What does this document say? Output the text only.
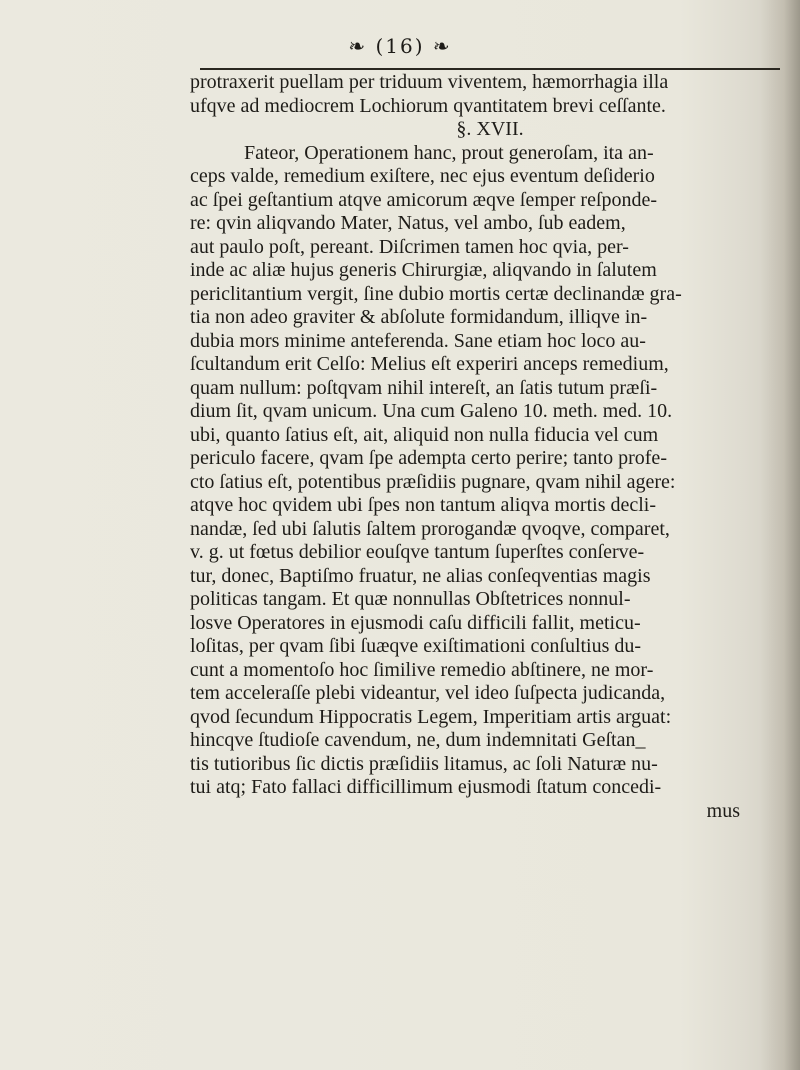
❧ (16) ❧
protraxerit puellam per triduum viventem, hæmorrhagia illa
ufqve ad mediocrem Lochiorum qvantitatem brevi ceſſante.
§. XVII.
Fateor, Operationem hanc, prout generoſam, ita an-
ceps valde, remedium exiſtere, nec ejus eventum deſiderio
ac ſpei geſtantium atqve amicorum æqve ſemper reſponde-
re: qvin aliqvando Mater, Natus, vel ambo, ſub eadem,
aut paulo poſt, pereant. Diſcrimen tamen hoc qvia, per-
inde ac aliæ hujus generis Chirurgiæ, aliqvando in ſalutem
periclitantium vergit, ſine dubio mortis certæ declinandæ gra-
tia non adeo graviter & abſolute formidandum, illiqve in-
dubia mors minime anteferenda. Sane etiam hoc loco au-
ſcultandum erit Celſo: Melius eſt experiri anceps remedium,
quam nullum: poſtqvam nihil intereſt, an ſatis tutum præſi-
dium ſit, qvam unicum. Una cum Galeno 10. meth. med. 10.
ubi, quanto ſatius eſt, ait, aliquid non nulla fiducia vel cum
periculo facere, qvam ſpe adempta certo perire; tanto profe-
cto ſatius eſt, potentibus præſidiis pugnare, qvam nihil agere:
atqve hoc qvidem ubi ſpes non tantum aliqva mortis decli-
nandæ, ſed ubi ſalutis ſaltem prorogandæ qvoqve, comparet,
v. g. ut fœtus debilior eouſqve tantum ſuperſtes conſerve-
tur, donec, Baptiſmo fruatur, ne alias conſeqventias magis
politicas tangam. Et quæ nonnullas Obſtetrices nonnul-
losve Operatores in ejusmodi caſu difficili fallit, meticu-
loſitas, per qvam ſibi ſuæqve exiſtimationi conſultius du-
cunt a momentoſo hoc ſimilive remedio abſtinere, ne mor-
tem acceleraſſe plebi videantur, vel ideo ſuſpecta judicanda,
qvod ſecundum Hippocratis Legem, Imperitiam artis arguat:
hincqve ſtudioſe cavendum, ne, dum indemnitati Geſtan_
tis tutioribus ſic dictis præſidiis litamus, ac ſoli Naturæ nu-
tui atq; Fato fallaci difficillimum ejusmodi ſtatum concedi-
mus
